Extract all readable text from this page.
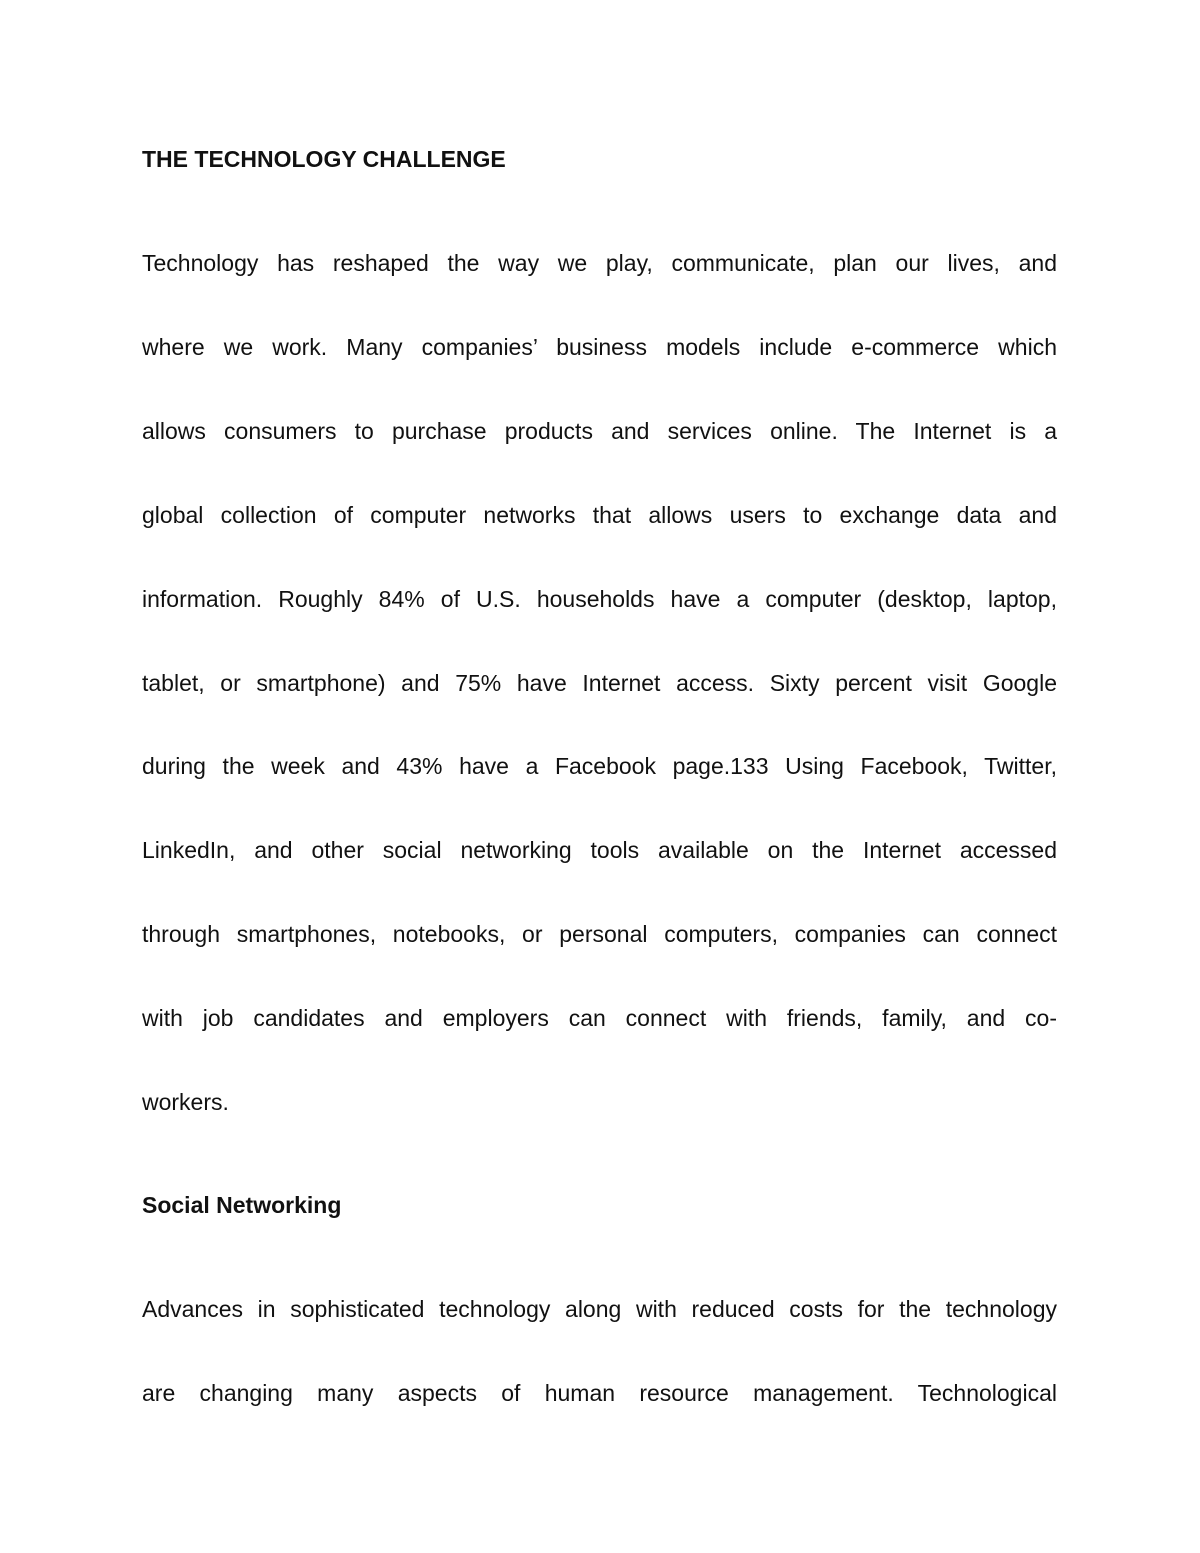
THE TECHNOLOGY CHALLENGE
Technology has reshaped the way we play, communicate, plan our lives, and
where we work. Many companies’ business models include e-commerce which
allows consumers to purchase products and services online. The Internet is a
global collection of computer networks that allows users to exchange data and
information. Roughly 84% of U.S. households have a computer (desktop, laptop,
tablet, or smartphone) and 75% have Internet access. Sixty percent visit Google
during the week and 43% have a Facebook page.133 Using Facebook, Twitter,
LinkedIn, and other social networking tools available on the Internet accessed
through smartphones, notebooks, or personal computers, companies can connect
with job candidates and employers can connect with friends, family, and co-
workers.
Social Networking
Advances in sophisticated technology along with reduced costs for the technology
are changing many aspects of human resource management. Technological
